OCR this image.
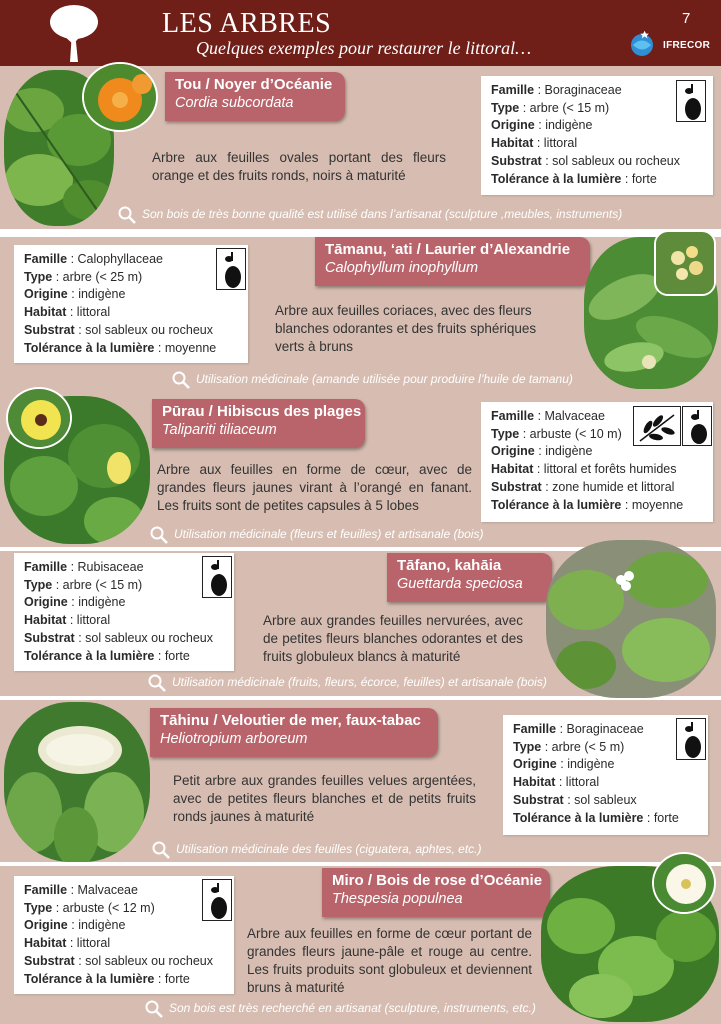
LES ARBRES
Quelques exemples pour restaurer le littoral…
7
IFRECOR
Tou / Noyer d’Océanie
Cordia subcordata
Arbre aux feuilles ovales portant des fleurs orange et des fruits ronds, noirs à maturité
Famille : Boraginaceae
Type : arbre (< 15 m)
Origine : indigène
Habitat : littoral
Substrat : sol sableux ou rocheux
Tolérance à la lumière : forte
Son bois de très bonne qualité est utilisé dans l’artisanat (sculpture ,meubles, instruments)
Famille : Calophyllaceae
Type : arbre (< 25 m)
Origine : indigène
Habitat : littoral
Substrat : sol sableux ou rocheux
Tolérance à la lumière : moyenne
Tāmanu, ‘ati / Laurier d’Alexandrie
Calophyllum inophyllum
Arbre aux feuilles coriaces, avec des fleurs blanches odorantes et des fruits sphériques verts à bruns
Utilisation médicinale (amande utilisée pour produire l’huile de tamanu)
Pūrau / Hibiscus des plages
Talipariti tiliaceum
Arbre aux feuilles en forme de cœur, avec de grandes fleurs jaunes virant à l’orangé en fanant. Les fruits sont de petites capsules à 5 lobes
Famille : Malvaceae
Type : arbuste (< 10 m)
Origine : indigène
Habitat : littoral et forêts humides
Substrat : zone humide et littoral
Tolérance à la lumière : moyenne
Utilisation médicinale (fleurs et feuilles) et artisanale (bois)
Famille : Rubisaceae
Type : arbre (< 15 m)
Origine : indigène
Habitat : littoral
Substrat : sol sableux ou rocheux
Tolérance à la lumière : forte
Tāfano, kahāia
Guettarda speciosa
Arbre aux grandes feuilles nervurées, avec de petites fleurs blanches odorantes et des fruits globuleux blancs à maturité
Utilisation médicinale (fruits, fleurs, écorce, feuilles) et artisanale (bois)
Tāhinu / Veloutier de mer, faux-tabac
Heliotropium arboreum
Petit arbre aux grandes feuilles velues argentées, avec de petites fleurs blanches et de petits fruits ronds jaunes à maturité
Famille : Boraginaceae
Type : arbre (< 5 m)
Origine : indigène
Habitat : littoral
Substrat : sol sableux
Tolérance à la lumière : forte
Utilisation médicinale des feuilles (ciguatera, aphtes, etc.)
Famille : Malvaceae
Type : arbuste (< 12 m)
Origine : indigène
Habitat : littoral
Substrat : sol sableux ou rocheux
Tolérance à la lumière : forte
Miro / Bois de rose d’Océanie
Thespesia populnea
Arbre aux feuilles en forme de cœur portant de grandes fleurs jaune-pâle et rouge au centre. Les fruits produits sont globuleux et deviennent bruns à maturité
Son bois est très recherché en artisanat (sculpture, instruments, etc.)
